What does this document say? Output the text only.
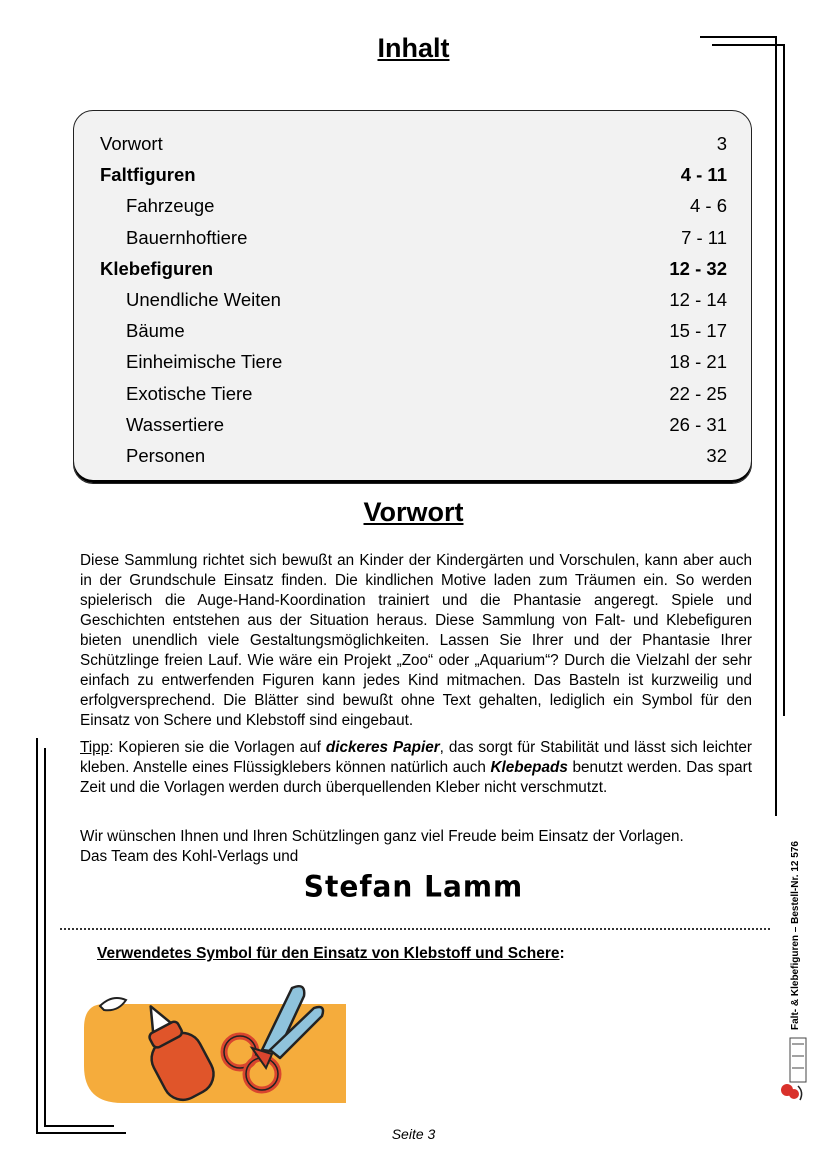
Inhalt
Vorwort	3
Faltfiguren	4 - 11
Fahrzeuge	4 - 6
Bauernhoftiere	7 - 11
Klebefiguren	12 - 32
Unendliche Weiten	12 - 14
Bäume	15 - 17
Einheimische Tiere	18 - 21
Exotische Tiere	22 - 25
Wassertiere	26 - 31
Personen	32
Vorwort

Diese Sammlung richtet sich bewußt an Kinder der Kindergärten und Vorschulen, kann aber auch in der Grundschule Einsatz finden. Die kindlichen Motive laden zum Träumen ein. So werden spielerisch die Auge-Hand-Koordination trainiert und die Phantasie angeregt. Spiele und Geschichten entstehen aus der Situation heraus. Diese Sammlung von Falt- und Klebefiguren bieten unendlich viele Gestaltungsmöglichkeiten. Lassen Sie Ihrer und der Phantasie Ihrer Schützlinge freien Lauf. Wie wäre ein Projekt „Zoo“ oder „Aquarium“? Durch die Vielzahl der sehr einfach zu entwerfenden Figuren kann jedes Kind mitmachen. Das Basteln ist kurzweilig und erfolgversprechend. Die Blätter sind bewußt ohne Text gehalten, lediglich ein Symbol für den Einsatz von Schere und Klebstoff sind eingebaut.

Tipp: Kopieren sie die Vorlagen auf dickeres Papier, das sorgt für Stabilität und lässt sich leichter kleben. Anstelle eines Flüssigklebers können natürlich auch Klebepads benutzt werden. Das spart Zeit und die Vorlagen werden durch überquellenden Kleber nicht verschmutzt.

Wir wünschen Ihnen und Ihren Schützlingen ganz viel Freude beim Einsatz der Vorlagen.

Das Team des Kohl-Verlags und

Stefan Lamm
Verwendetes Symbol für den Einsatz von Klebstoff und Schere:	Falt- & Klebefiguren – Bestell-Nr. 12 576
Seite 3
